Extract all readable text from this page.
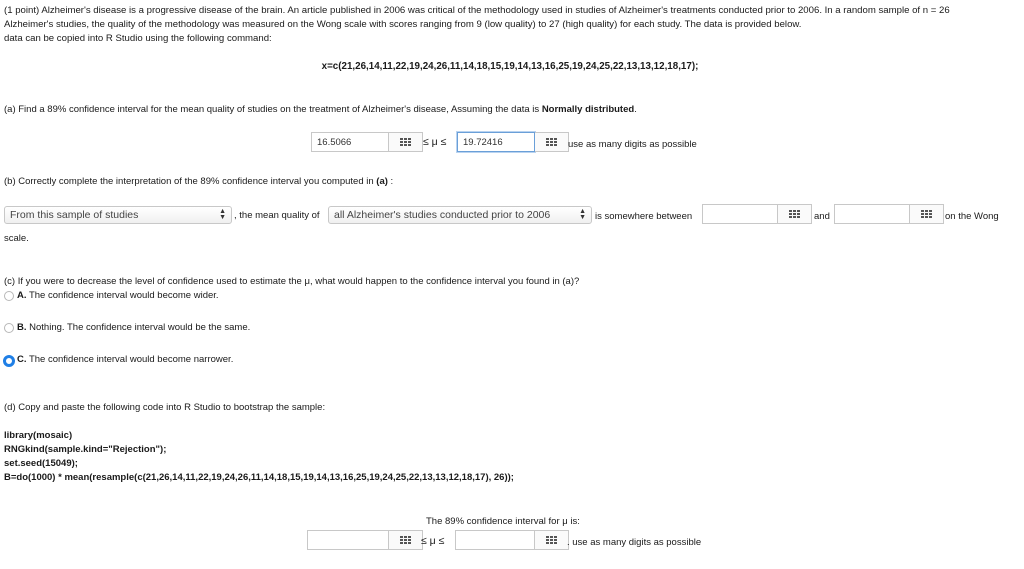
(1 point) Alzheimer's disease is a progressive disease of the brain. An article published in 2006 was critical of the methodology used in studies of Alzheimer's treatments conducted prior to 2006. In a random sample of n = 26
Alzheimer's studies, the quality of the methodology was measured on the Wong scale with scores ranging from 9 (low quality) to 27 (high quality) for each study. The data is provided below.
data can be copied into R Studio using the following command:
x=c(21,26,14,11,22,19,24,26,11,14,18,15,19,14,13,16,25,19,24,25,22,13,13,12,18,17);
(a) Find a 89% confidence interval for the mean quality of studies on the treatment of Alzheimer's disease, Assuming the data is Normally distributed.
16.5066	≤ μ ≤	19.72416	use as many digits as possible
(b) Correctly complete the interpretation of the 89% confidence interval you computed in (a) :
From this sample of studies	▲
▼ , the mean quality of	all Alzheimer's studies conducted prior to 2006	▲
▼ is somewhere between	and	on the Wong
scale.
(c) If you were to decrease the level of confidence used to estimate the μ, what would happen to the confidence interval you found in (a)?
A. The confidence interval would become wider.
B. Nothing. The confidence interval would be the same.
C. The confidence interval would become narrower.
(d) Copy and paste the following code into R Studio to bootstrap the sample:
library(mosaic)
RNGkind(sample.kind="Rejection");
set.seed(15049);
B=do(1000) * mean(resample(c(21,26,14,11,22,19,24,26,11,14,18,15,19,14,13,16,25,19,24,25,22,13,13,12,18,17), 26));
The 89% confidence interval for μ is:
≤ μ ≤	. use as many digits as possible
